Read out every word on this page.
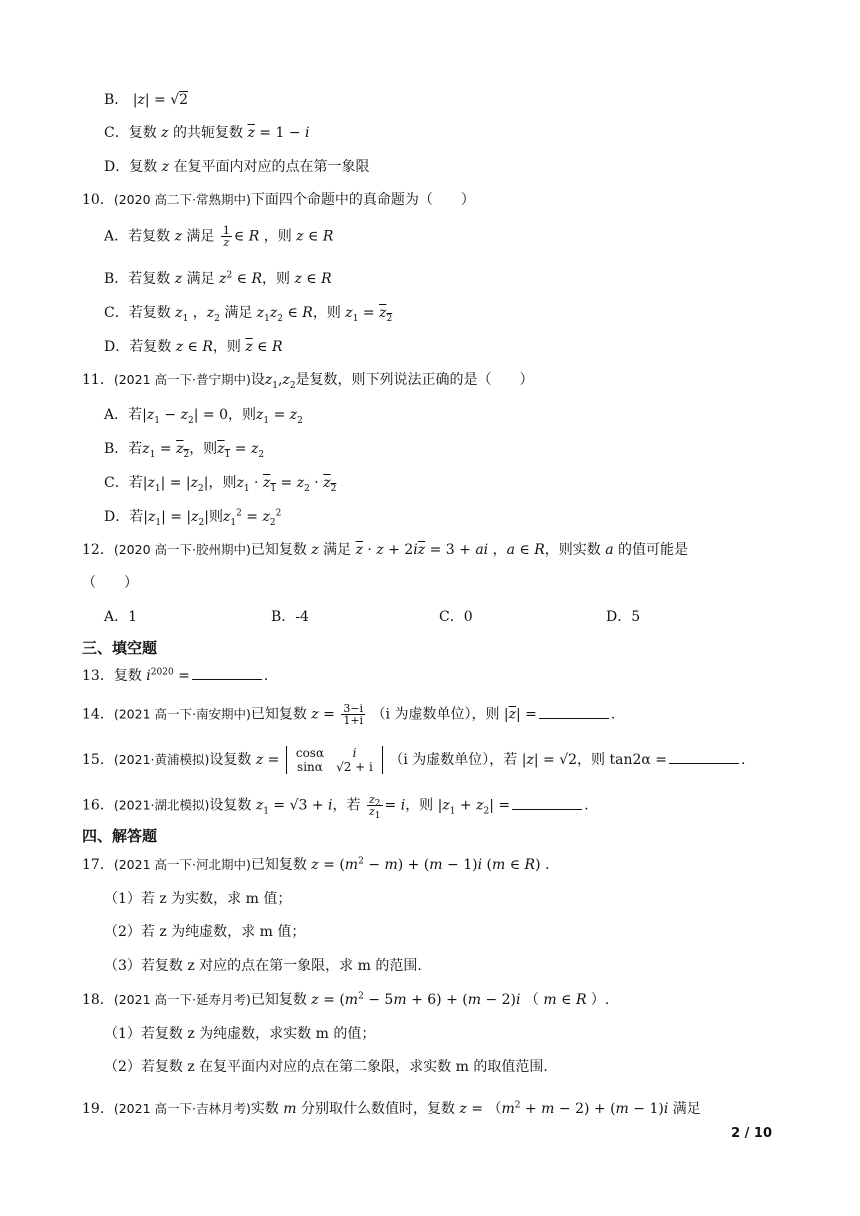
B． |z| = √2
C．复数 z 的共轭复数 $\overline{z} = 1 - i$
D．复数 z 在复平面内对应的点在第一象限
10．(2020 高二下·常熟期中)下面四个命题中的真命题为（　　）
A．若复数 z 满足 $\frac{1}{z}$ ∈ R ，则 z ∈ R
B．若复数 z 满足 $z^2$ ∈ R，则 z ∈ R
C．若复数 $z_1$ ，$z_2$ 满足 $z_1z_2$ ∈ R，则 $z_1 = z_2$
D．若复数 z ∈ R，则 $\overline{z}$ ∈ R
11．(2021 高一下·普宁期中)设$z_1,z_2$是复数，则下列说法正确的是（　　）
A．若$|z_1 - z_2| = 0$，则$z_1 = z_2$
B．若$z_1 = z_2$，则$z_1 = z_2$
C．若$|z_1| = |z_2|$，则$z_1 \cdot z_1 = z_2 \cdot z_2$
D．若$|z_1| = |z_2|$则$z_1^2 = z_2^2$
12．(2020 高一下·胶州期中)已知复数 z 满足 $\overline{z} \cdot z + 2i\overline{z} = 3$ + ai ，a ∈ R，则实数 a 的值可能是
（　　）
A．1	B．-4	C．0	D．5
三、填空题
13．复数 $i^{2020}$ =	.
14．(2021 高一下·南安期中)已知复数 $z = \frac{3-i}{1+i} (i$ 为虚数单位），则 $|\overline{z}|$ =	.
15．(2021·黄浦模拟)设复数 z = cosα	i
sinα	√2 + i （i 为虚数单位），若 |z| = √2，则 tan2α =	.
16．(2021·湖北模拟)设复数 $z_1 = √3 + i$，若 $\frac{z_2}{z_1} = i$，则 $|z_1 + z_2|$ =	.
四、解答题
17．(2021 高一下·河北期中)已知复数 $z = (m^2 - m) + (m - 1)i$ (m ∈ R) .
（1）若 z 为实数，求 m 值；
（2）若 z 为纯虚数，求 m 值；
（3）若复数 z 对应的点在第一象限，求 m 的范围.
18．(2021 高一下·延寿月考)已知复数 $z = (m^2 - 5m + 6) + (m - 2)i$ （ m ∈ R ）.
（1）若复数 z 为纯虚数，求实数 m 的值；
（2）若复数 z 在复平面内对应的点在第二象限，求实数 m 的取值范围.
19．(2021 高一下·吉林月考)实数 m 分别取什么数值时，复数 $z = (m^2 + m - 2) + (m - 1)i$ 满足
2 / 10
